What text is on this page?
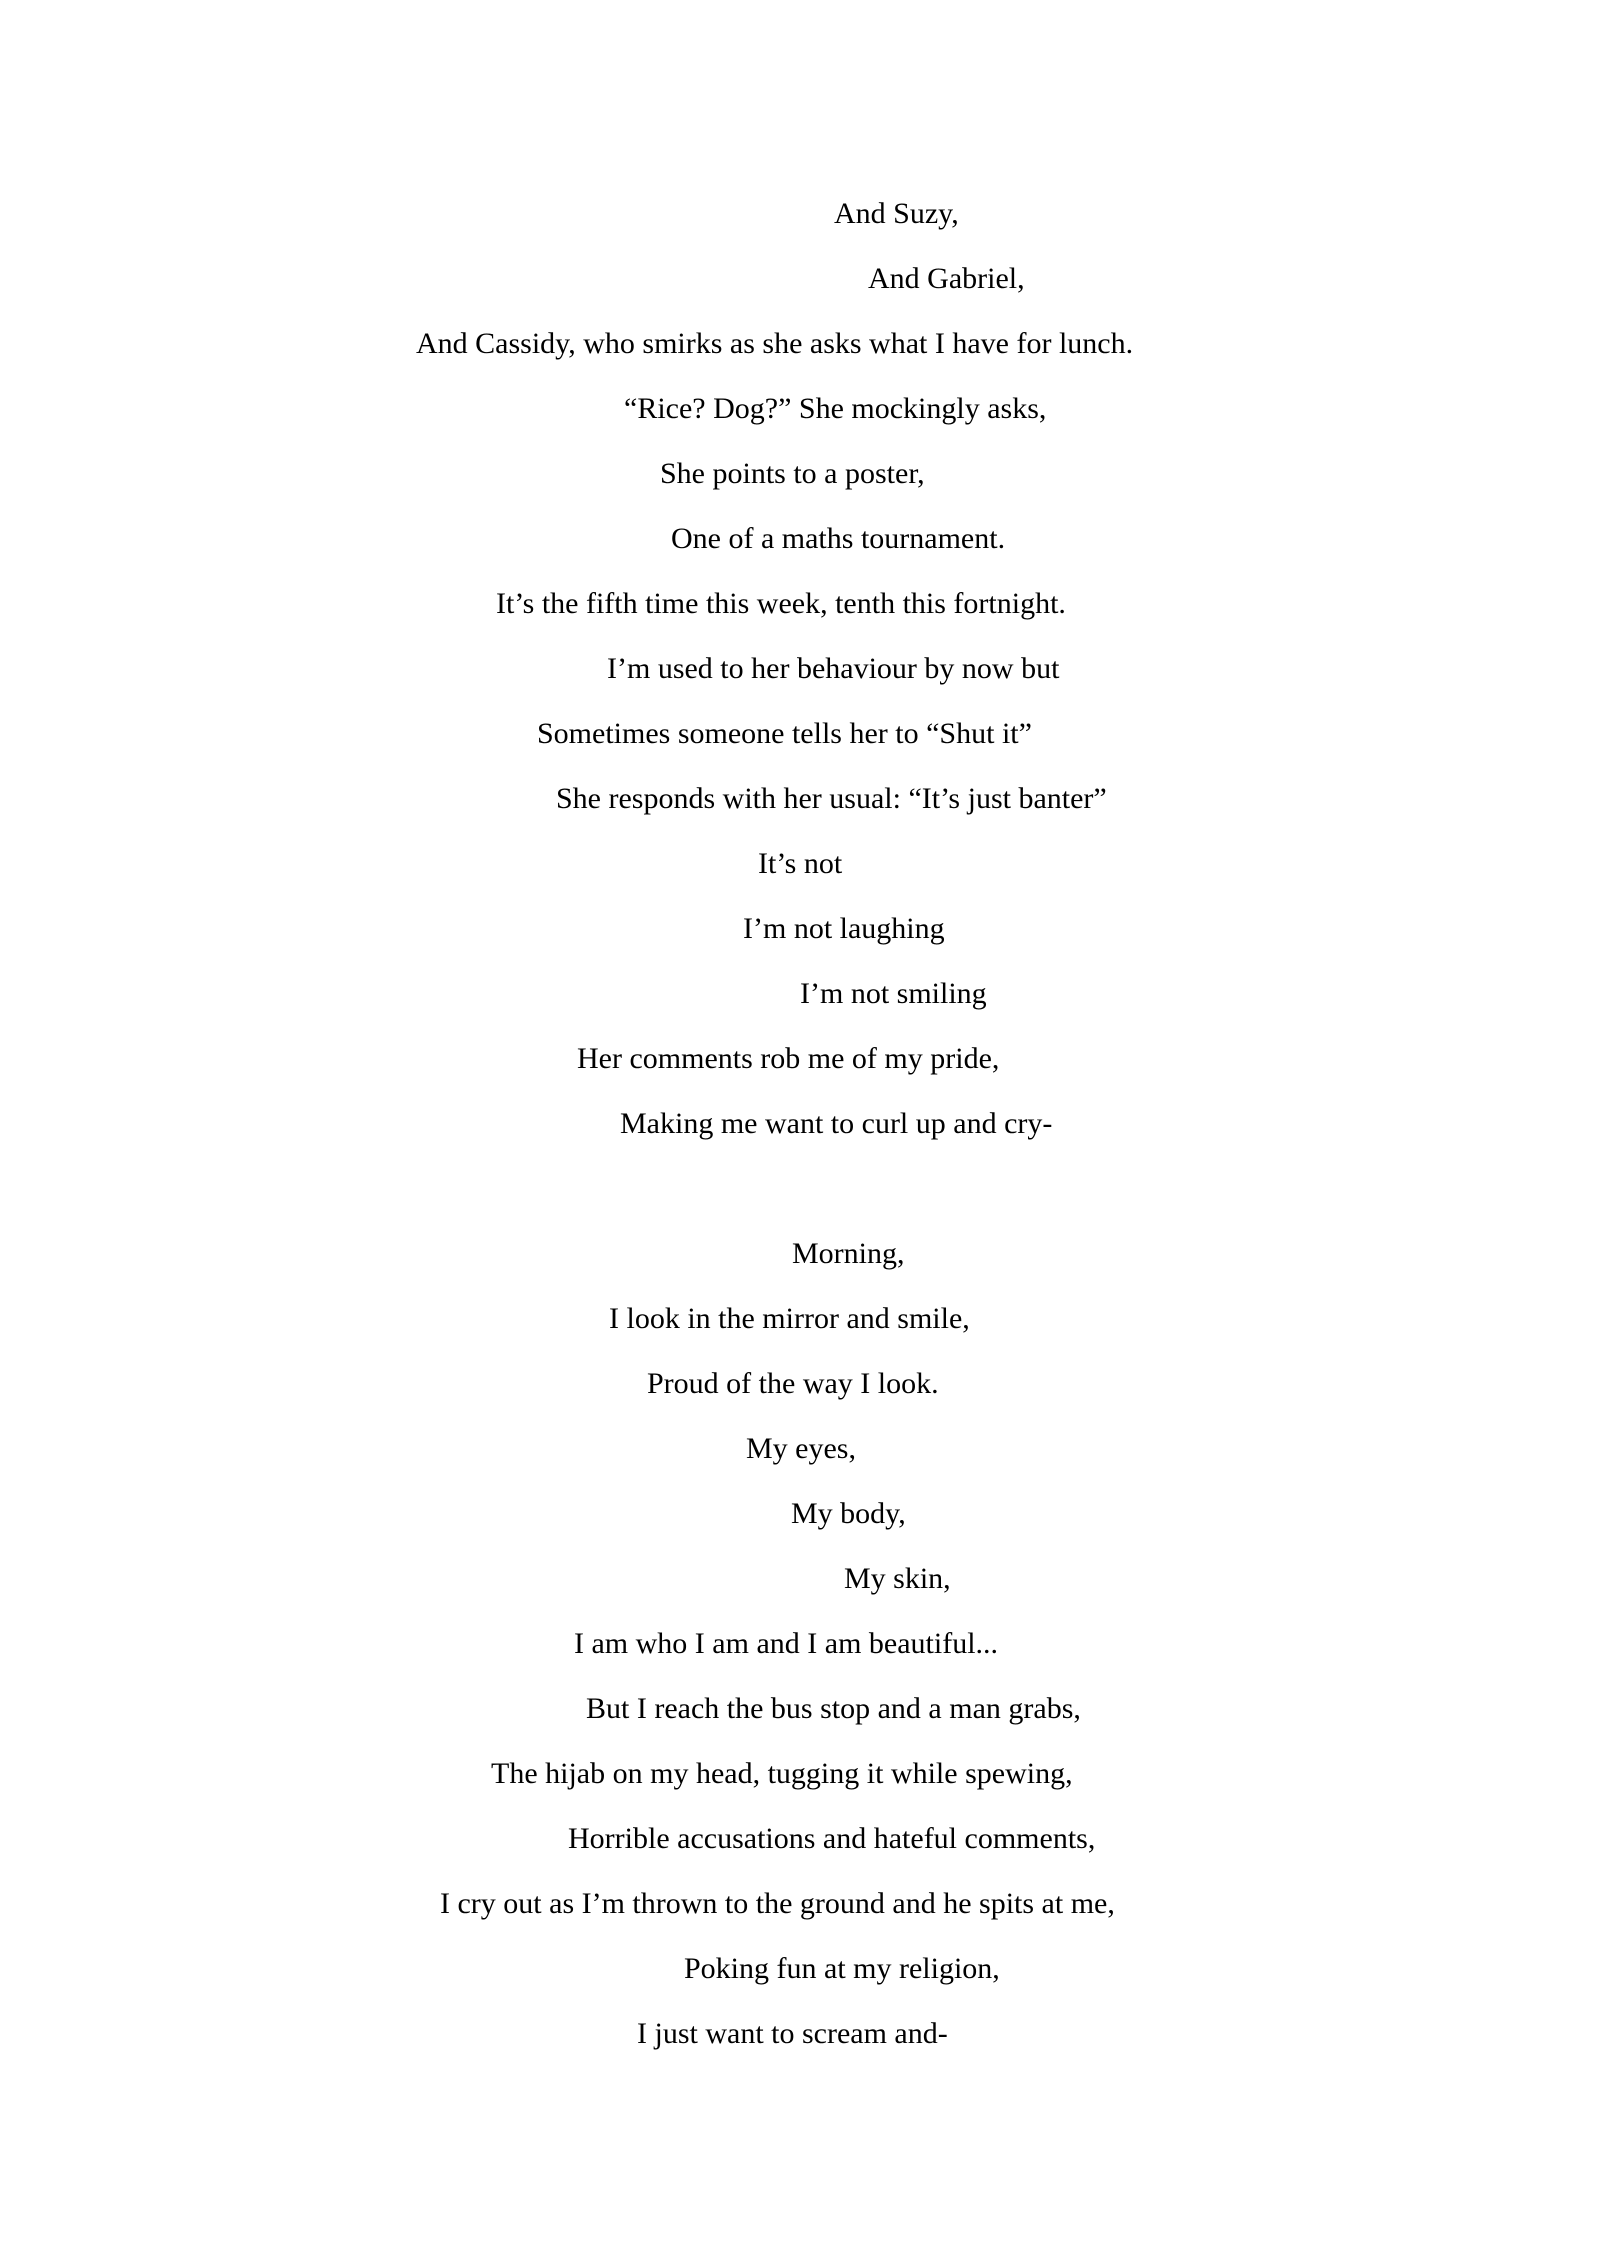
And Suzy,

And Gabriel,

And Cassidy, who smirks as she asks what I have for lunch.

“Rice? Dog?” She mockingly asks,

She points to a poster,

One of a maths tournament.

It’s the fifth time this week, tenth this fortnight.

I’m used to her behaviour by now but

Sometimes someone tells her to “Shut it”

She responds with her usual: “It’s just banter”

It’s not

I’m not laughing

I’m not smiling

Her comments rob me of my pride,

Making me want to curl up and cry-

Morning,

I look in the mirror and smile,

Proud of the way I look.

My eyes,

My body,

My skin,

I am who I am and I am beautiful...

But I reach the bus stop and a man grabs,

The hijab on my head, tugging it while spewing,

Horrible accusations and hateful comments,

I cry out as I’m thrown to the ground and he spits at me,

Poking fun at my religion,

I just want to scream and-
